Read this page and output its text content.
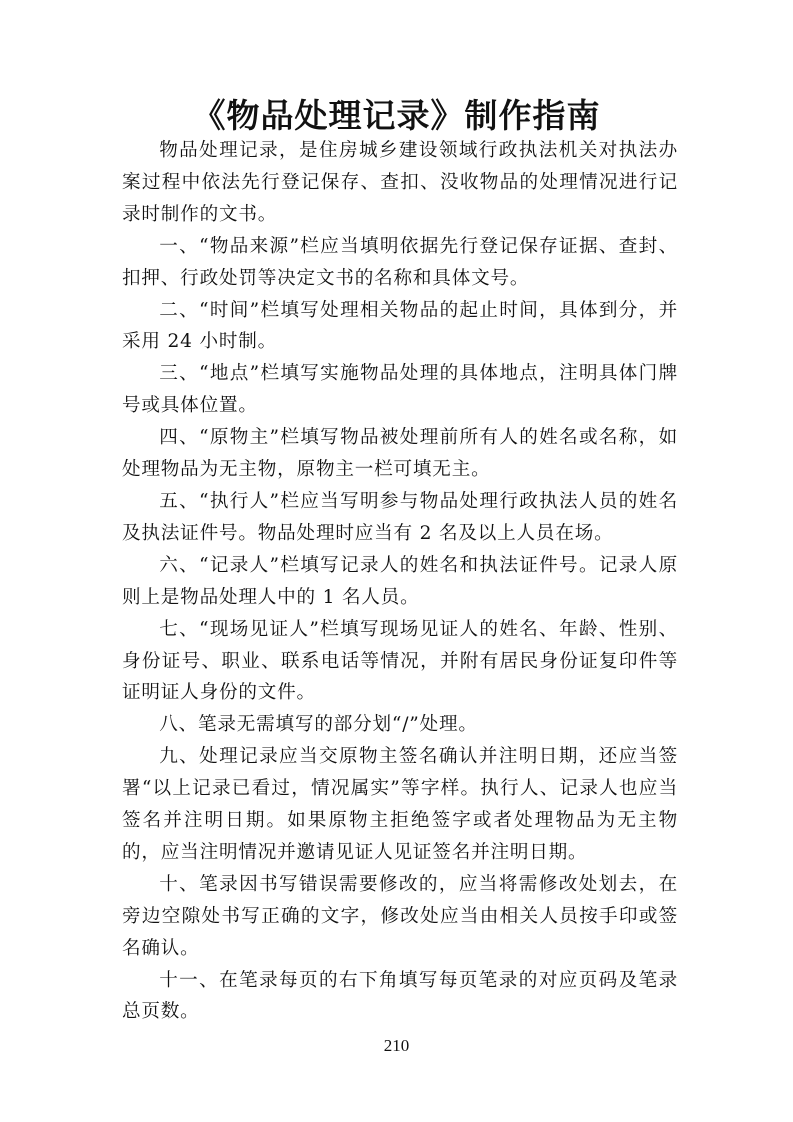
《物品处理记录》制作指南

物品处理记录，是住房城乡建设领域行政执法机关对执法办案过程中依法先行登记保存、查扣、没收物品的处理情况进行记录时制作的文书。

一、“物品来源”栏应当填明依据先行登记保存证据、查封、扣押、行政处罚等决定文书的名称和具体文号。

二、“时间”栏填写处理相关物品的起止时间，具体到分，并采用 24 小时制。

三、“地点”栏填写实施物品处理的具体地点，注明具体门牌号或具体位置。

四、“原物主”栏填写物品被处理前所有人的姓名或名称，如处理物品为无主物，原物主一栏可填无主。

五、“执行人”栏应当写明参与物品处理行政执法人员的姓名及执法证件号。物品处理时应当有 2 名及以上人员在场。

六、“记录人”栏填写记录人的姓名和执法证件号。记录人原则上是物品处理人中的 1 名人员。

七、“现场见证人”栏填写现场见证人的姓名、年龄、性别、身份证号、职业、联系电话等情况，并附有居民身份证复印件等证明证人身份的文件。

八、笔录无需填写的部分划“/”处理。

九、处理记录应当交原物主签名确认并注明日期，还应当签署“以上记录已看过，情况属实”等字样。执行人、记录人也应当签名并注明日期。如果原物主拒绝签字或者处理物品为无主物的，应当注明情况并邀请见证人见证签名并注明日期。

十、笔录因书写错误需要修改的，应当将需修改处划去，在旁边空隙处书写正确的文字，修改处应当由相关人员按手印或签名确认。

十一、在笔录每页的右下角填写每页笔录的对应页码及笔录总页数。

210
